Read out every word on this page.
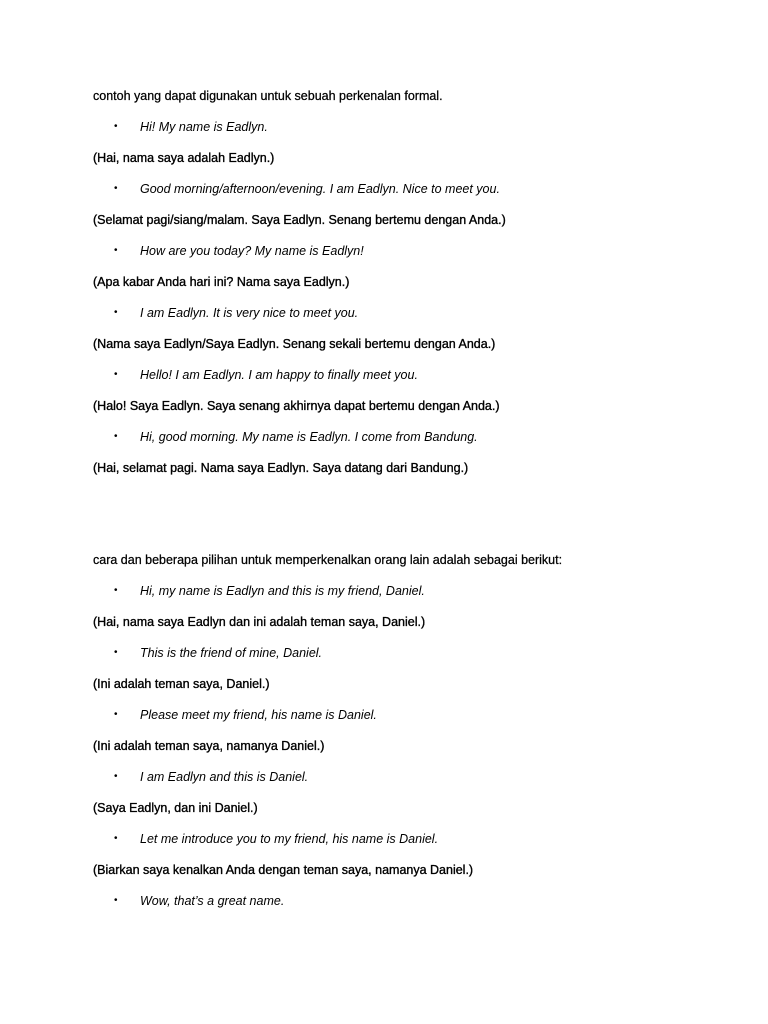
contoh yang dapat digunakan untuk sebuah perkenalan formal.
• Hi! My name is Eadlyn.
(Hai, nama saya adalah Eadlyn.)
• Good morning/afternoon/evening. I am Eadlyn. Nice to meet you.
(Selamat pagi/siang/malam. Saya Eadlyn. Senang bertemu dengan Anda.)
• How are you today? My name is Eadlyn!
(Apa kabar Anda hari ini? Nama saya Eadlyn.)
• I am Eadlyn. It is very nice to meet you.
(Nama saya Eadlyn/Saya Eadlyn. Senang sekali bertemu dengan Anda.)
• Hello! I am Eadlyn. I am happy to finally meet you.
(Halo! Saya Eadlyn. Saya senang akhirnya dapat bertemu dengan Anda.)
• Hi, good morning. My name is Eadlyn. I come from Bandung.
(Hai, selamat pagi. Nama saya Eadlyn. Saya datang dari Bandung.)
cara dan beberapa pilihan untuk memperkenalkan orang lain adalah sebagai berikut:
• Hi, my name is Eadlyn and this is my friend, Daniel.
(Hai, nama saya Eadlyn dan ini adalah teman saya, Daniel.)
• This is the friend of mine, Daniel.
(Ini adalah teman saya, Daniel.)
• Please meet my friend, his name is Daniel.
(Ini adalah teman saya, namanya Daniel.)
• I am Eadlyn and this is Daniel.
(Saya Eadlyn, dan ini Daniel.)
• Let me introduce you to my friend, his name is Daniel.
(Biarkan saya kenalkan Anda dengan teman saya, namanya Daniel.)
• Wow, that’s a great name.
